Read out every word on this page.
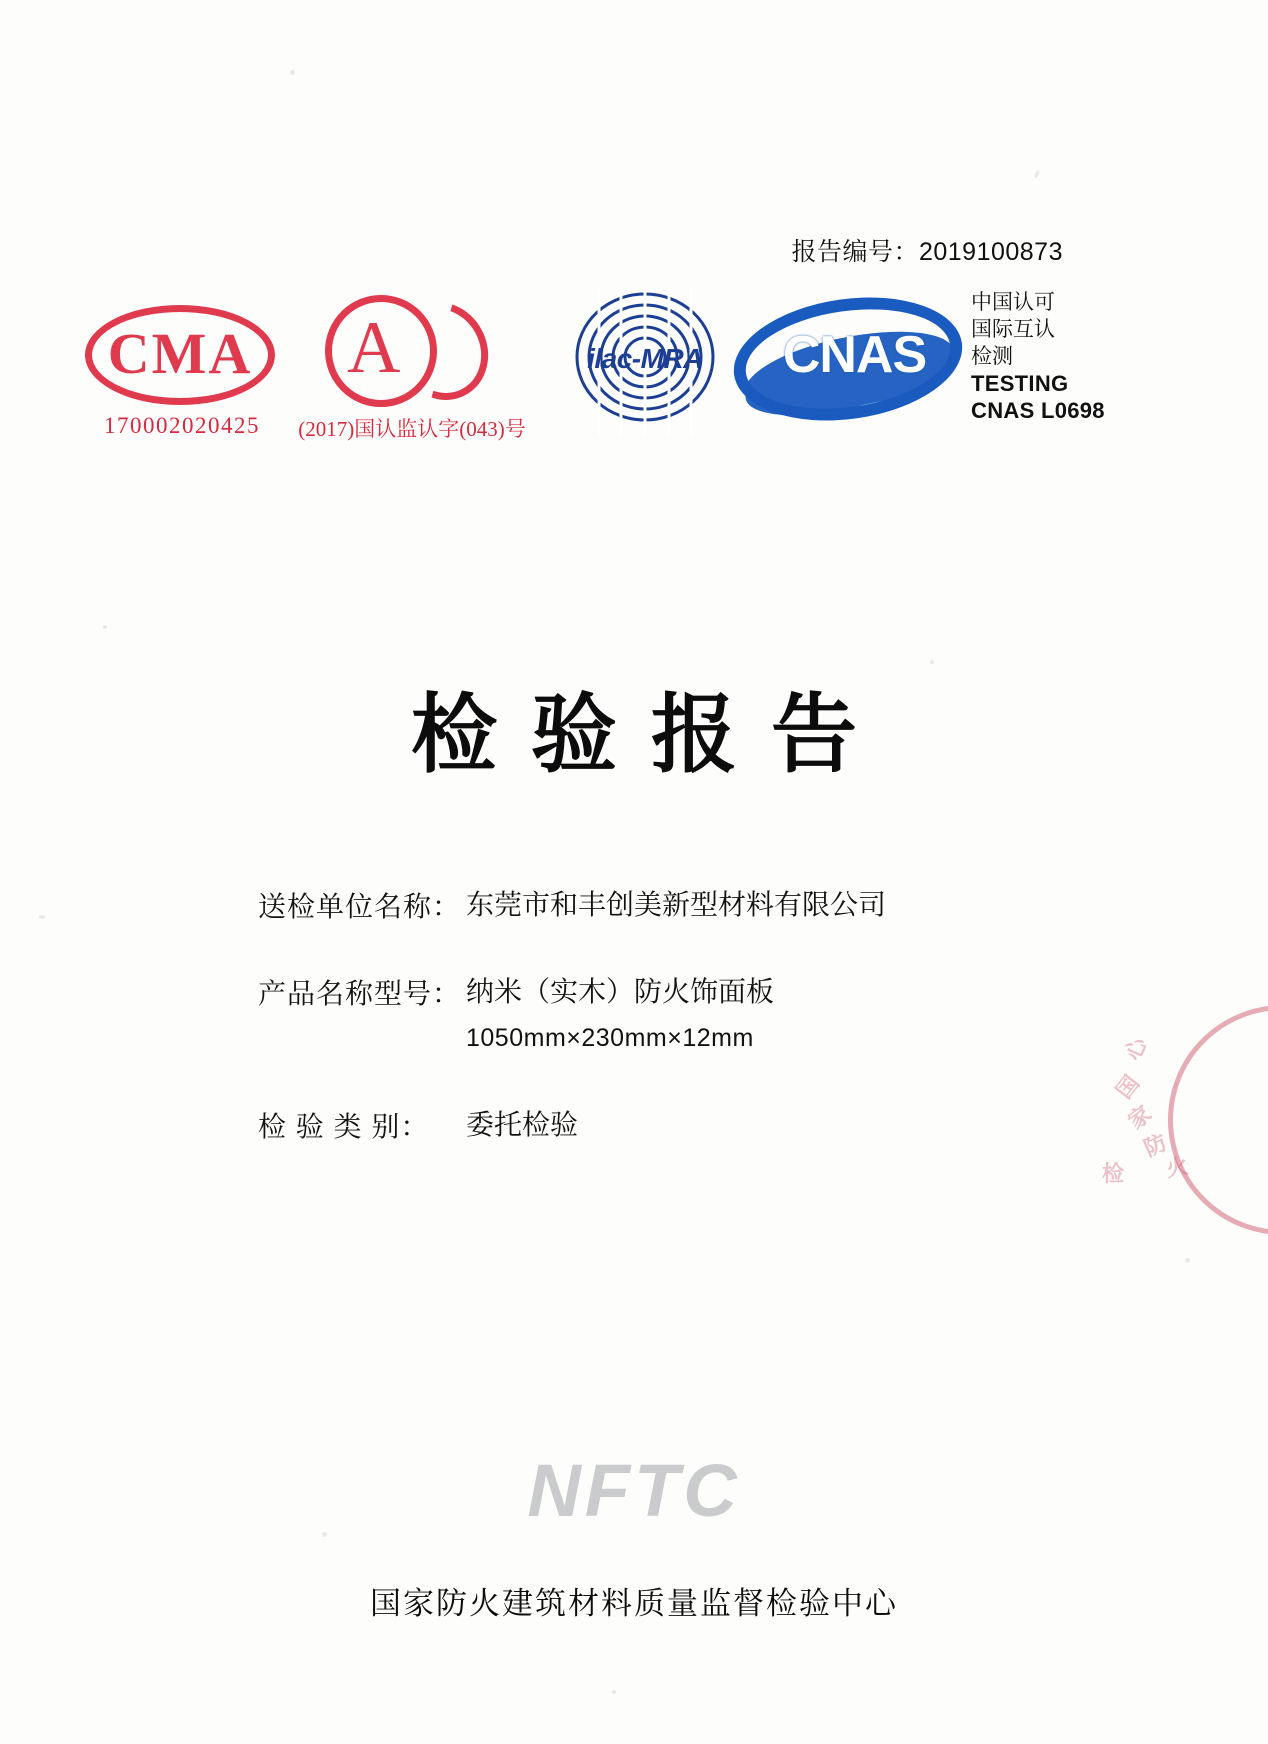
报告编号：2019100873
CMA
170002020425
A
(2017)国认监认字(043)号
ilac-MRA	CNAS
中国认可
国际互认
检测
TESTING
CNAS L0698
检验报告
送检单位名称： 东莞市和丰创美新型材料有限公司
产品名称型号： 纳米（实木）防火饰面板
1050mm×230mm×12mm
检 验 类 别：	委托检验
国
家
防
火
心
检
NFTC
国家防火建筑材料质量监督检验中心
